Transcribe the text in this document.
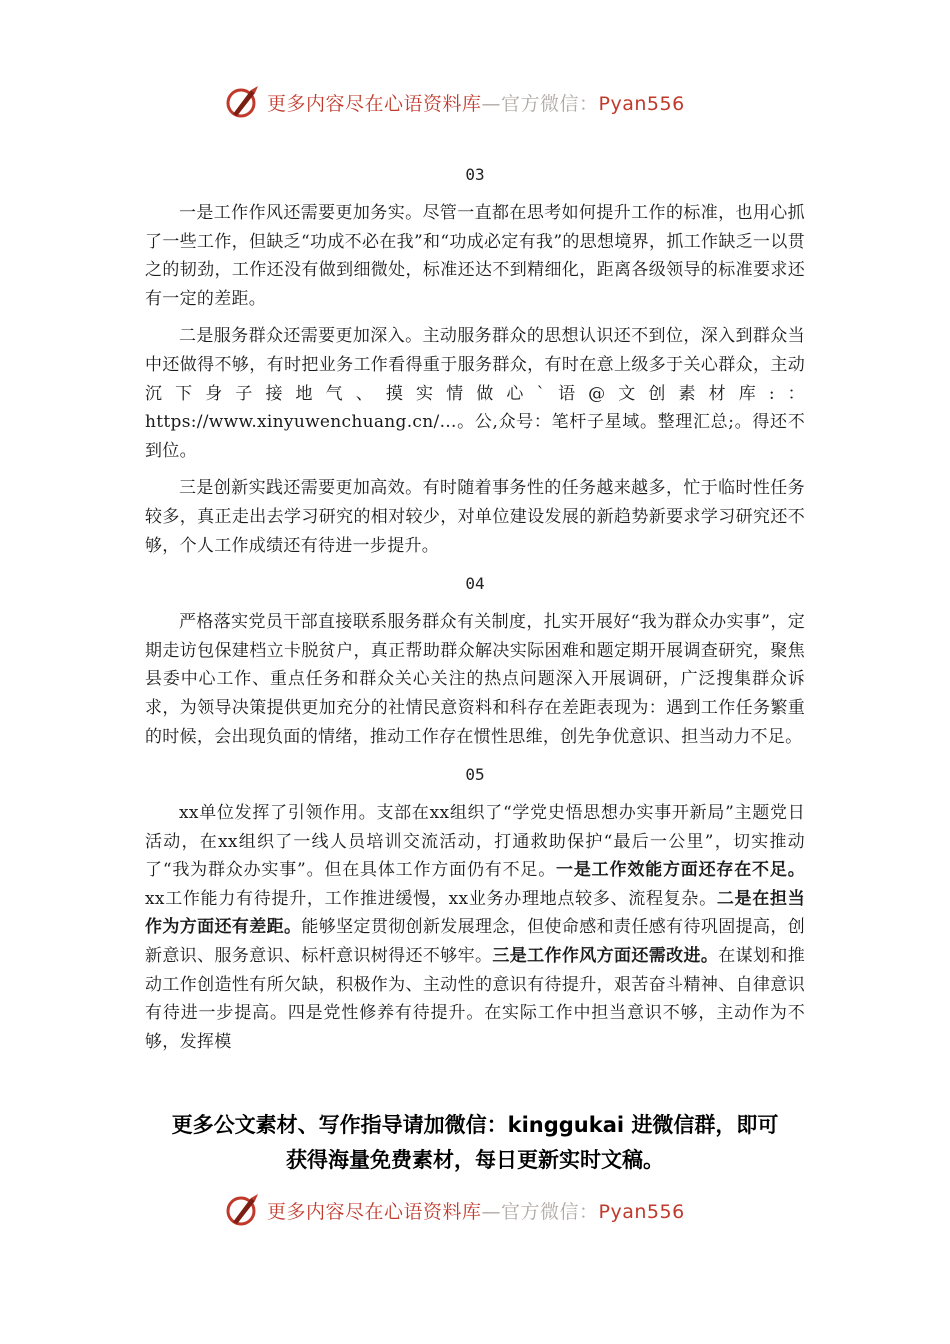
更多内容尽在心语资料库—官方微信：Pyan556
03

一是工作作风还需要更加务实。尽管一直都在思考如何提升工作的标准，也用心抓了一些工作，但缺乏“功成不必在我”和“功成必定有我”的思想境界，抓工作缺乏一以贯之的韧劲，工作还没有做到细微处，标准还达不到精细化，距离各级领导的标准要求还有一定的差距。

二是服务群众还需要更加深入。主动服务群众的思想认识还不到位，深入到群众当中还做得不够，有时把业务工作看得重于服务群众，有时在意上级多于关心群众，主动沉下身子接地气、摸实情做心`语@文创素材库:：https://www.xinyuwenchuang.cn/…。公,众号：笔杆子星域。整理汇总;。得还不到位。

三是创新实践还需要更加高效。有时随着事务性的任务越来越多，忙于临时性任务较多，真正走出去学习研究的相对较少，对单位建设发展的新趋势新要求学习研究还不够，个人工作成绩还有待进一步提升。

04

严格落实党员干部直接联系服务群众有关制度，扎实开展好“我为群众办实事”，定期走访包保建档立卡脱贫户，真正帮助群众解决实际困难和题定期开展调查研究，聚焦县委中心工作、重点任务和群众关心关注的热点问题深入开展调研，广泛搜集群众诉求，为领导决策提供更加充分的社情民意资料和科存在差距表现为：遇到工作任务繁重的时候，会出现负面的情绪，推动工作存在惯性思维，创先争优意识、担当动力不足。

05

xx单位发挥了引领作用。支部在xx组织了“学党史悟思想办实事开新局”主题党日活动，在xx组织了一线人员培训交流活动，打通救助保护“最后一公里”，切实推动了“我为群众办实事”。但在具体工作方面仍有不足。一是工作效能方面还存在不足。xx工作能力有待提升，工作推进缓慢，xx业务办理地点较多、流程复杂。二是在担当作为方面还有差距。能够坚定贯彻创新发展理念，但使命感和责任感有待巩固提高，创新意识、服务意识、标杆意识树得还不够牢。三是工作作风方面还需改进。在谋划和推动工作创造性有所欠缺，积极作为、主动性的意识有待提升，艰苦奋斗精神、自律意识有待进一步提高。四是党性修养有待提升。在实际工作中担当意识不够，主动作为不够，发挥模

更多公文素材、写作指导请加微信：kinggukai 进微信群，即可
获得海量免费素材，每日更新实时文稿。
更多内容尽在心语资料库—官方微信：Pyan556
